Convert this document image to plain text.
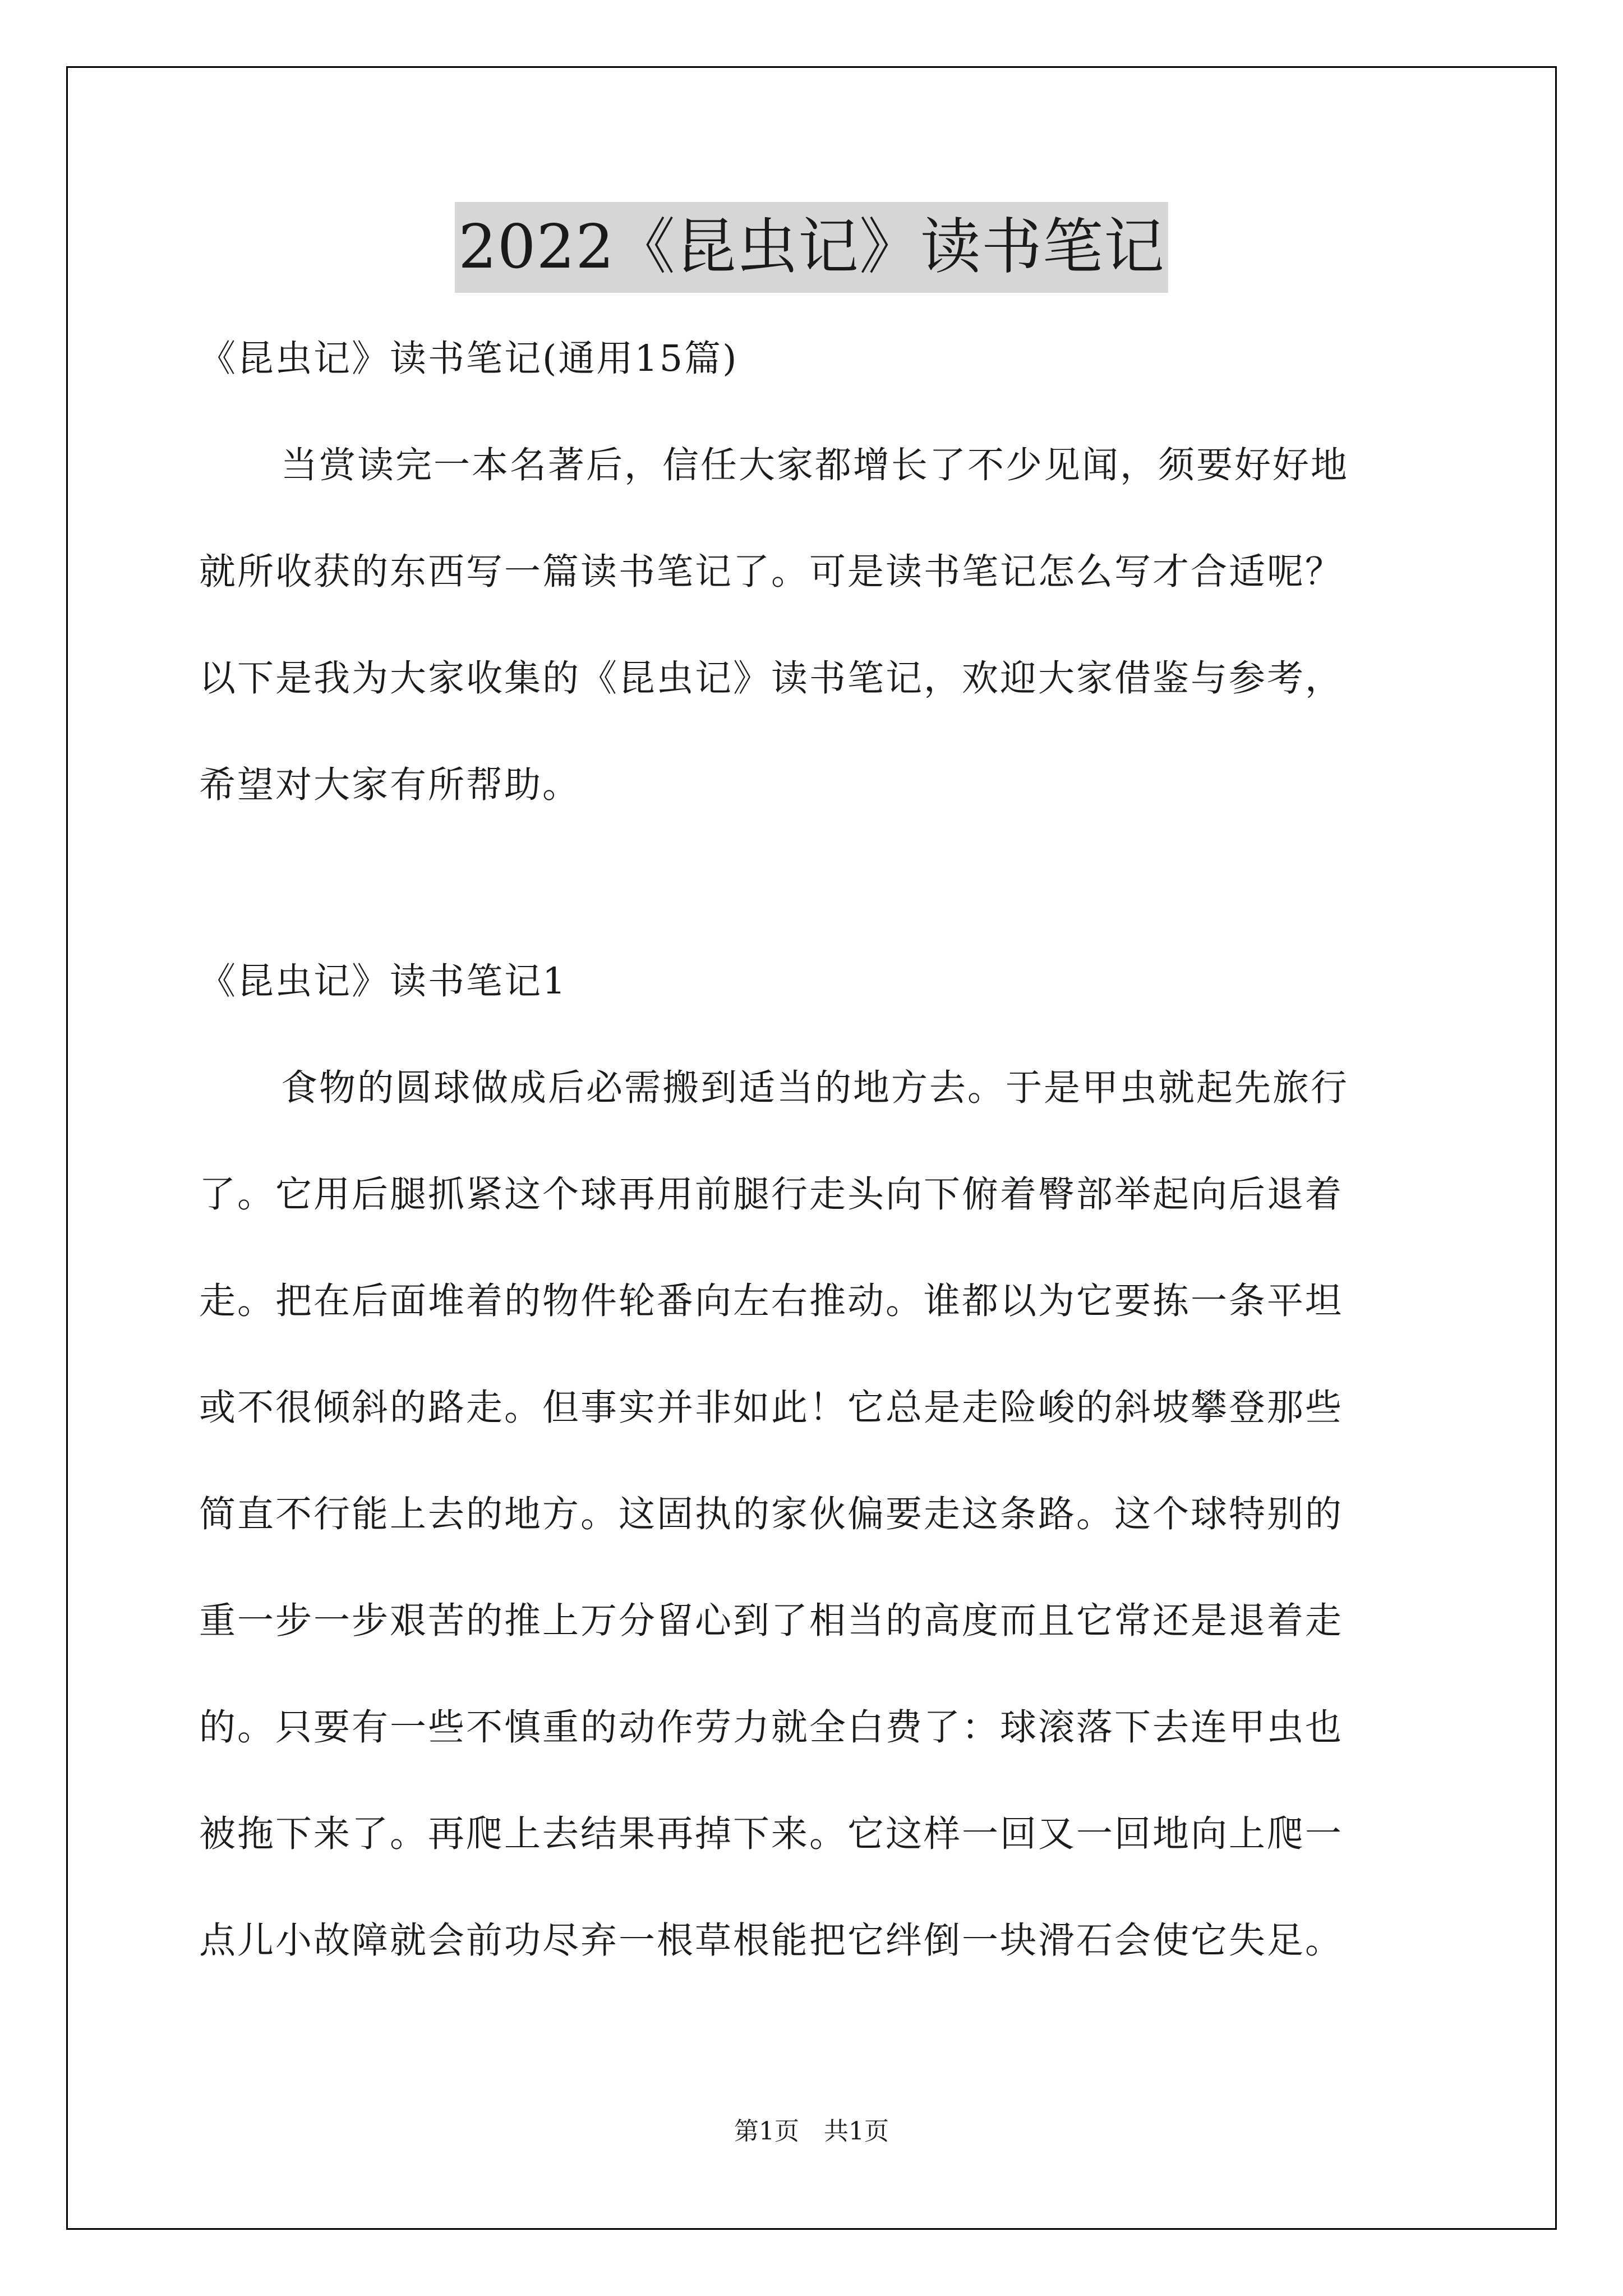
2022《昆虫记》读书笔记
《昆虫记》读书笔记(通用15篇)
当赏读完一本名著后，信任大家都增长了不少见闻，须要好好地
就所收获的东西写一篇读书笔记了。可是读书笔记怎么写才合适呢？
以下是我为大家收集的《昆虫记》读书笔记，欢迎大家借鉴与参考，
希望对大家有所帮助。
《昆虫记》读书笔记1
食物的圆球做成后必需搬到适当的地方去。于是甲虫就起先旅行
了。它用后腿抓紧这个球再用前腿行走头向下俯着臀部举起向后退着
走。把在后面堆着的物件轮番向左右推动。谁都以为它要拣一条平坦
或不很倾斜的路走。但事实并非如此！它总是走险峻的斜坡攀登那些
简直不行能上去的地方。这固执的家伙偏要走这条路。这个球特别的
重一步一步艰苦的推上万分留心到了相当的高度而且它常还是退着走
的。只要有一些不慎重的动作劳力就全白费了：球滚落下去连甲虫也
被拖下来了。再爬上去结果再掉下来。它这样一回又一回地向上爬一
点儿小故障就会前功尽弃一根草根能把它绊倒一块滑石会使它失足。
第1页　共1页
